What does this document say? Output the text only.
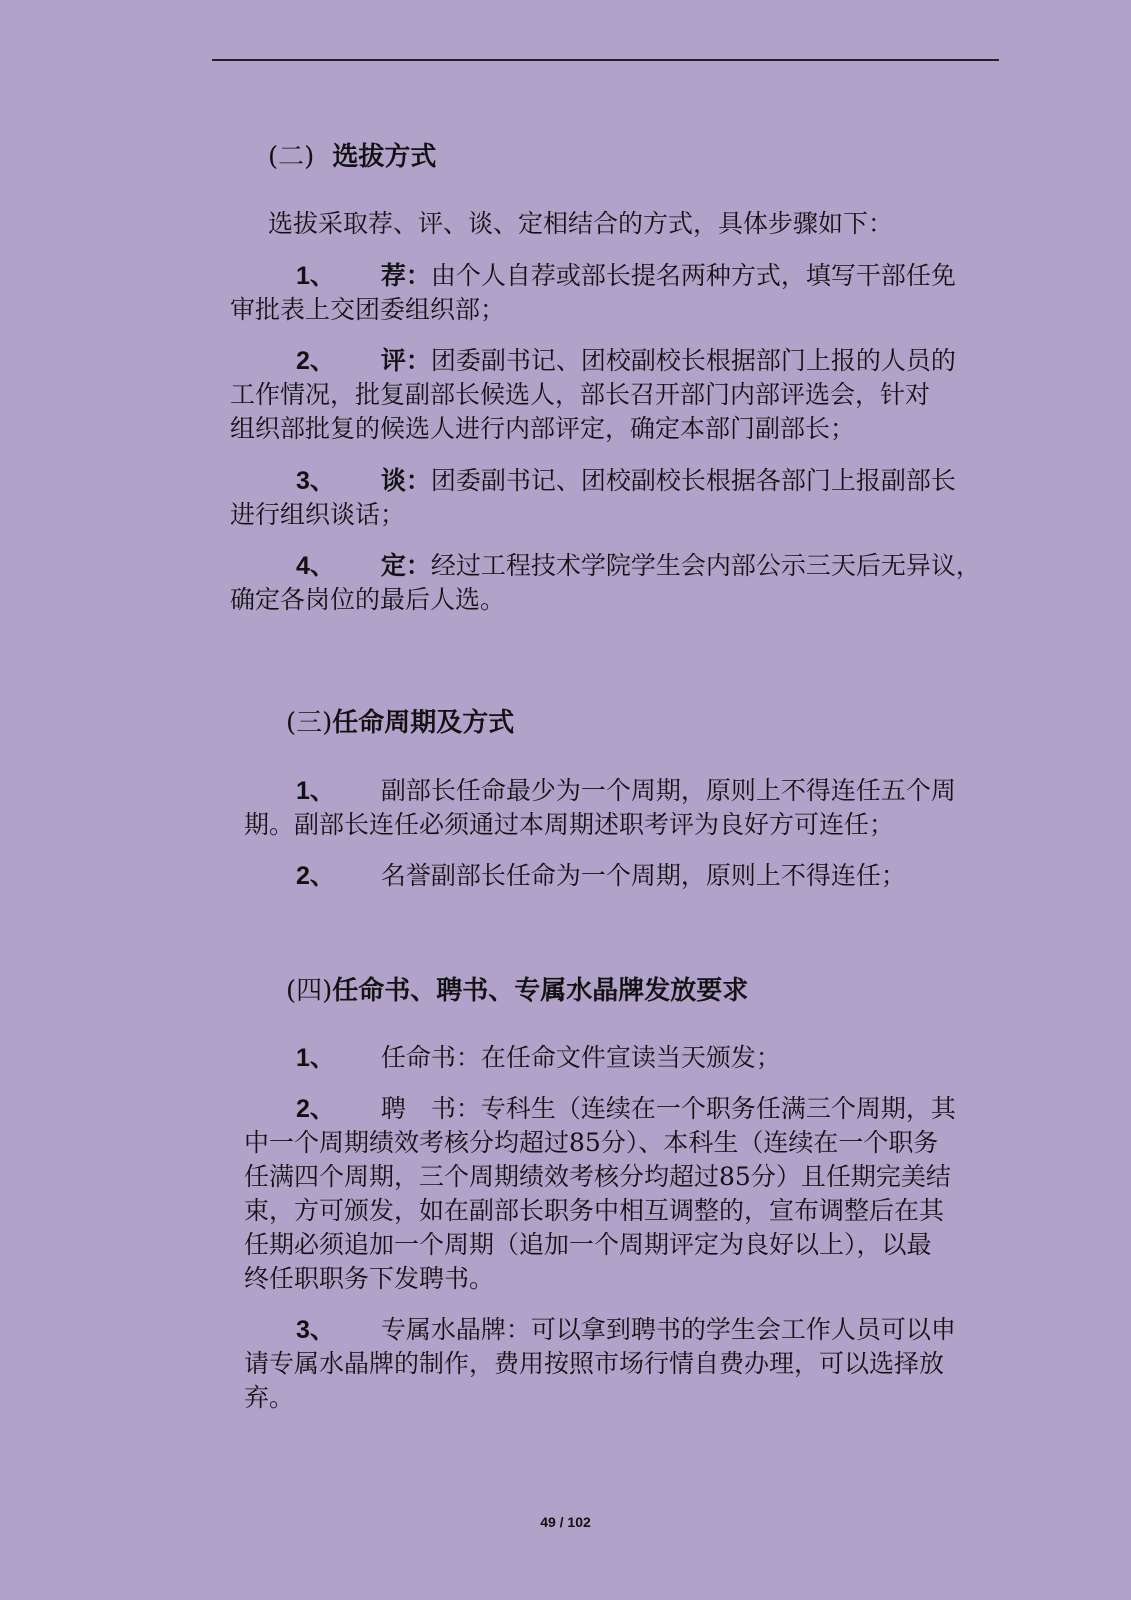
(二) 选拔方式
选拔采取荐、评、谈、定相结合的方式，具体步骤如下：
1、 荐：由个人自荐或部长提名两种方式，填写干部任免
审批表上交团委组织部；
2、 评：团委副书记、团校副校长根据部门上报的人员的
工作情况，批复副部长候选人，部长召开部门内部评选会，针对
组织部批复的候选人进行内部评定，确定本部门副部长；
3、 谈：团委副书记、团校副校长根据各部门上报副部长
进行组织谈话；
4、 定：经过工程技术学院学生会内部公示三天后无异议，
确定各岗位的最后人选。
(三)任命周期及方式
1、 副部长任命最少为一个周期，原则上不得连任五个周
期。副部长连任必须通过本周期述职考评为良好方可连任；
2、 名誉副部长任命为一个周期，原则上不得连任；
(四)任命书、聘书、专属水晶牌发放要求
1、 任命书：在任命文件宣读当天颁发；
2、 聘　书：专科生（连续在一个职务任满三个周期，其
中一个周期绩效考核分均超过85分）、本科生（连续在一个职务
任满四个周期，三个周期绩效考核分均超过85分）且任期完美结
束，方可颁发，如在副部长职务中相互调整的，宣布调整后在其
任期必须追加一个周期（追加一个周期评定为良好以上），以最
终任职职务下发聘书。
3、 专属水晶牌：可以拿到聘书的学生会工作人员可以申
请专属水晶牌的制作，费用按照市场行情自费办理，可以选择放
弃。
49 / 102
